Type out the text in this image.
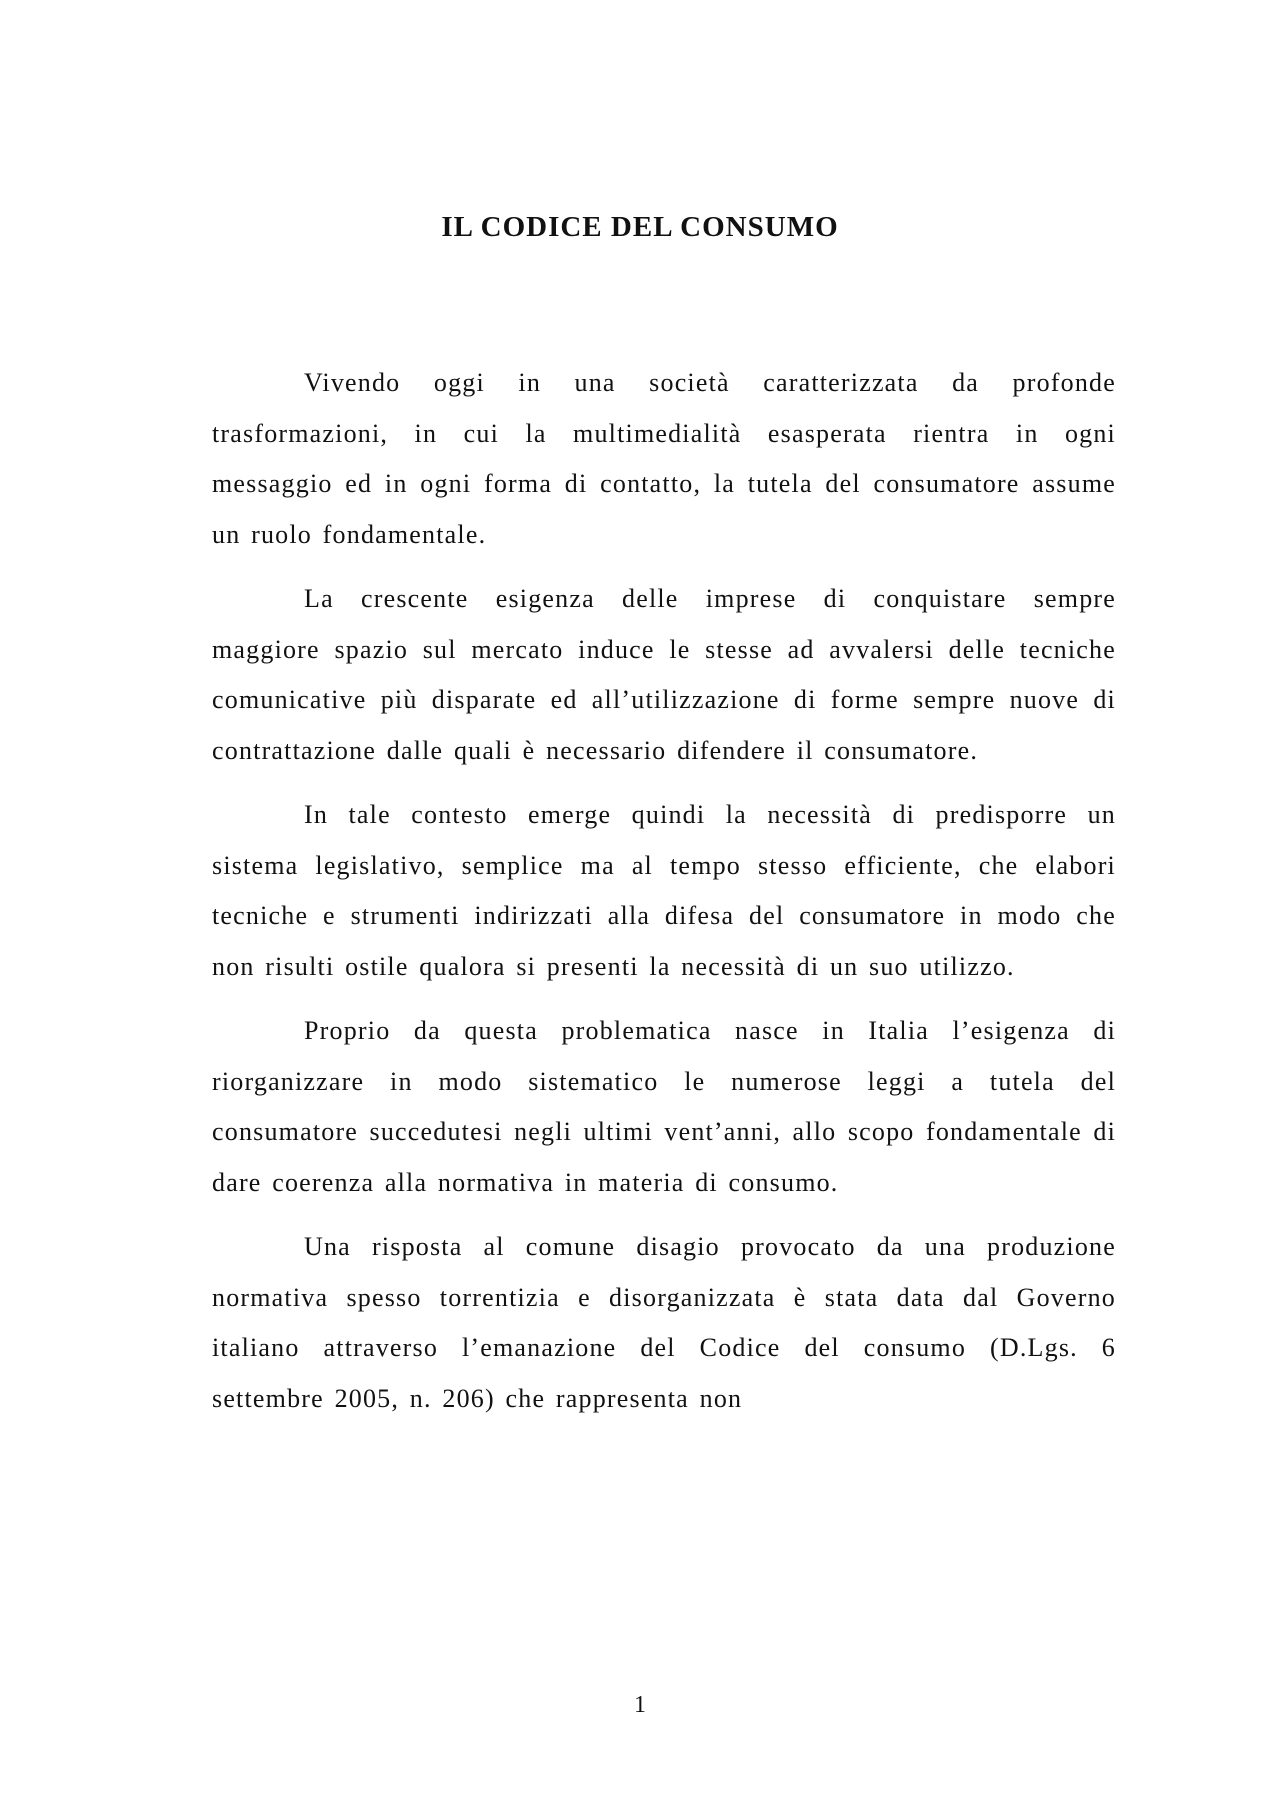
IL CODICE DEL CONSUMO

Vivendo oggi in una società caratterizzata da profonde trasformazioni, in cui la multimedialità esasperata rientra in ogni messaggio ed in ogni forma di contatto, la tutela del consumatore assume un ruolo fondamentale.

La crescente esigenza delle imprese di conquistare sempre maggiore spazio sul mercato induce le stesse ad avvalersi delle tecniche comunicative più disparate ed all’utilizzazione di forme sempre nuove di contrattazione dalle quali è necessario difendere il consumatore.

In tale contesto emerge quindi la necessità di predisporre un sistema legislativo, semplice ma al tempo stesso efficiente, che elabori tecniche e strumenti indirizzati alla difesa del consumatore in modo che non risulti ostile qualora si presenti la necessità di un suo utilizzo.

Proprio da questa problematica nasce in Italia l’esigenza di riorganizzare in modo sistematico le numerose leggi a tutela del consumatore succedutesi negli ultimi vent’anni, allo scopo fondamentale di dare coerenza alla normativa in materia di consumo.

Una risposta al comune disagio provocato da una produzione normativa spesso torrentizia e disorganizzata è stata data dal Governo italiano attraverso l’emanazione del Codice del consumo (D.Lgs. 6 settembre 2005, n. 206) che rappresenta non

1
